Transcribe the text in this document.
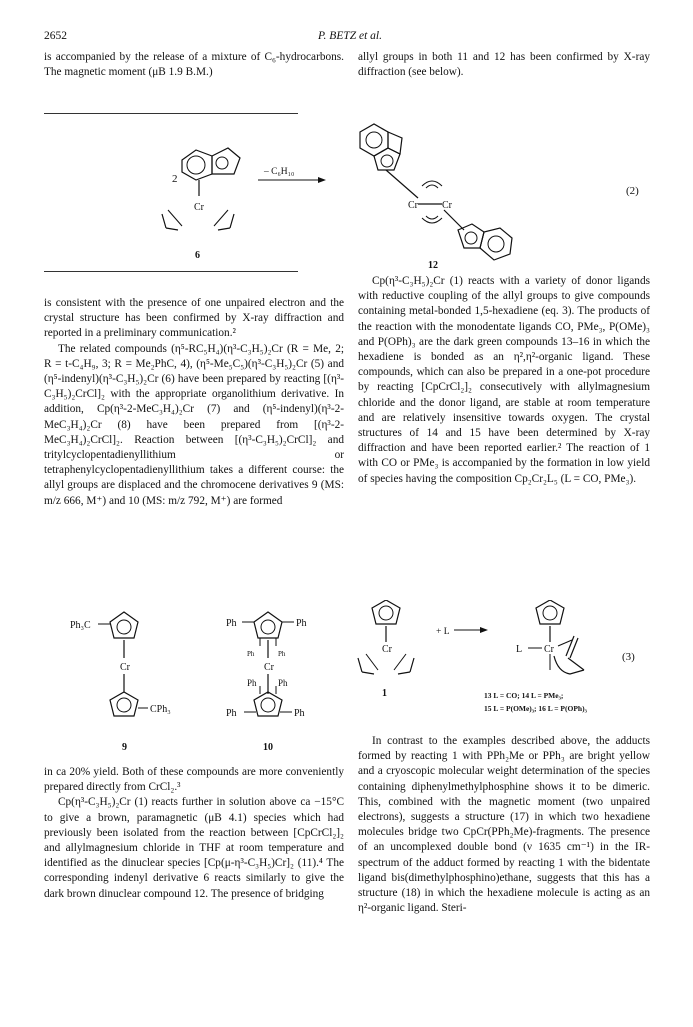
2652	P. BETZ et al.

is accompanied by the release of a mixture of C₆-hydrocarbons. The magnetic moment (μB 1.9 B.M.)

allyl groups in both 11 and 12 has been confirmed by X-ray diffraction (see below).

Cr
2
6
– C₆H₁₀
Cr Cr
12
(2)

is consistent with the presence of one unpaired electron and the crystal structure has been confirmed by X-ray diffraction and reported in a preliminary communication.²

The related compounds (η⁵-RC₅H₄)(η³-C₃H₅)₂Cr (R = Me, 2; R = t-C₄H₉, 3; R = Me₂PhC, 4), (η⁵-Me₅C₅)(η³-C₃H₅)₂Cr (5) and (η⁵-indenyl)(η³-C₃H₅)₂Cr (6) have been prepared by reacting [(η³-C₃H₅)₂CrCl]₂ with the appropriate organolithium derivative. In addition, Cp(η³-2-MeC₃H₄)₂Cr (7) and (η⁵-indenyl)(η³-2-MeC₃H₄)₂Cr (8) have been prepared from [(η³-2-MeC₃H₄)₂CrCl]₂. Reaction between [(η³-C₃H₅)₂CrCl]₂ and tritylcyclopentadienyllithium or tetraphenylcyclopentadienyllithium takes a different course: the allyl groups are displaced and the chromocene derivatives 9 (MS: m/z 666, M⁺) and 10 (MS: m/z 792, M⁺) are formed

Cp(η³-C₃H₅)₂Cr (1) reacts with a variety of donor ligands with reductive coupling of the allyl groups to give compounds containing metal-bonded 1,5-hexadiene (eq. 3). The products of the reaction with the monodentate ligands CO, PMe₃, P(OMe)₃ and P(OPh)₃ are the dark green compounds 13–16 in which the hexadiene is bonded as an η²,η²-organic ligand. These compounds, which can also be prepared in a one-pot procedure by reacting [CpCrCl₂]₂ consecutively with allylmagnesium chloride and the donor ligand, are stable at room temperature and are relatively insensitive towards oxygen. The crystal structures of 14 and 15 have been determined by X-ray diffraction and have been reported earlier.² The reaction of 1 with CO or PMe₃ is accompanied by the formation in low yield of species having the composition Cp₂Cr₂L₅ (L = CO, PMe₃).

Ph₃C
Cr
CPh₃
9
Ph	Ph
Ph	Ph
Cr
Ph Ph
Ph	Ph
10
Cr
1
+ L
L Cr
(3)
13 L = CO; 14 L = PMe₃;
15 L = P(OMe)₃; 16 L = P(OPh)₃

in ca 20% yield. Both of these compounds are more conveniently prepared directly from CrCl₂.³

Cp(η³-C₃H₅)₂Cr (1) reacts further in solution above ca −15°C to give a brown, paramagnetic (μB 4.1) species which had previously been isolated from the reaction between [CpCrCl₂]₂ and allylmagnesium chloride in THF at room temperature and identified as the dinuclear species [Cp(μ-η³-C₃H₅)Cr]₂ (11).⁴ The corresponding indenyl derivative 6 reacts similarly to give the dark brown dinuclear compound 12. The presence of bridging

In contrast to the examples described above, the adducts formed by reacting 1 with PPh₂Me or PPh₃ are bright yellow and a cryoscopic molecular weight determination of the species containing diphenylmethylphosphine shows it to be dimeric. This, combined with the magnetic moment (two unpaired electrons), suggests a structure (17) in which two hexadiene molecules bridge two CpCr(PPh₂Me)-fragments. The presence of an uncomplexed double bond (ν 1635 cm⁻¹) in the IR-spectrum of the adduct formed by reacting 1 with the bidentate ligand bis(dimethylphosphino)ethane, suggests that this has a structure (18) in which the hexadiene molecule is acting as an η²-organic ligand. Steri-
